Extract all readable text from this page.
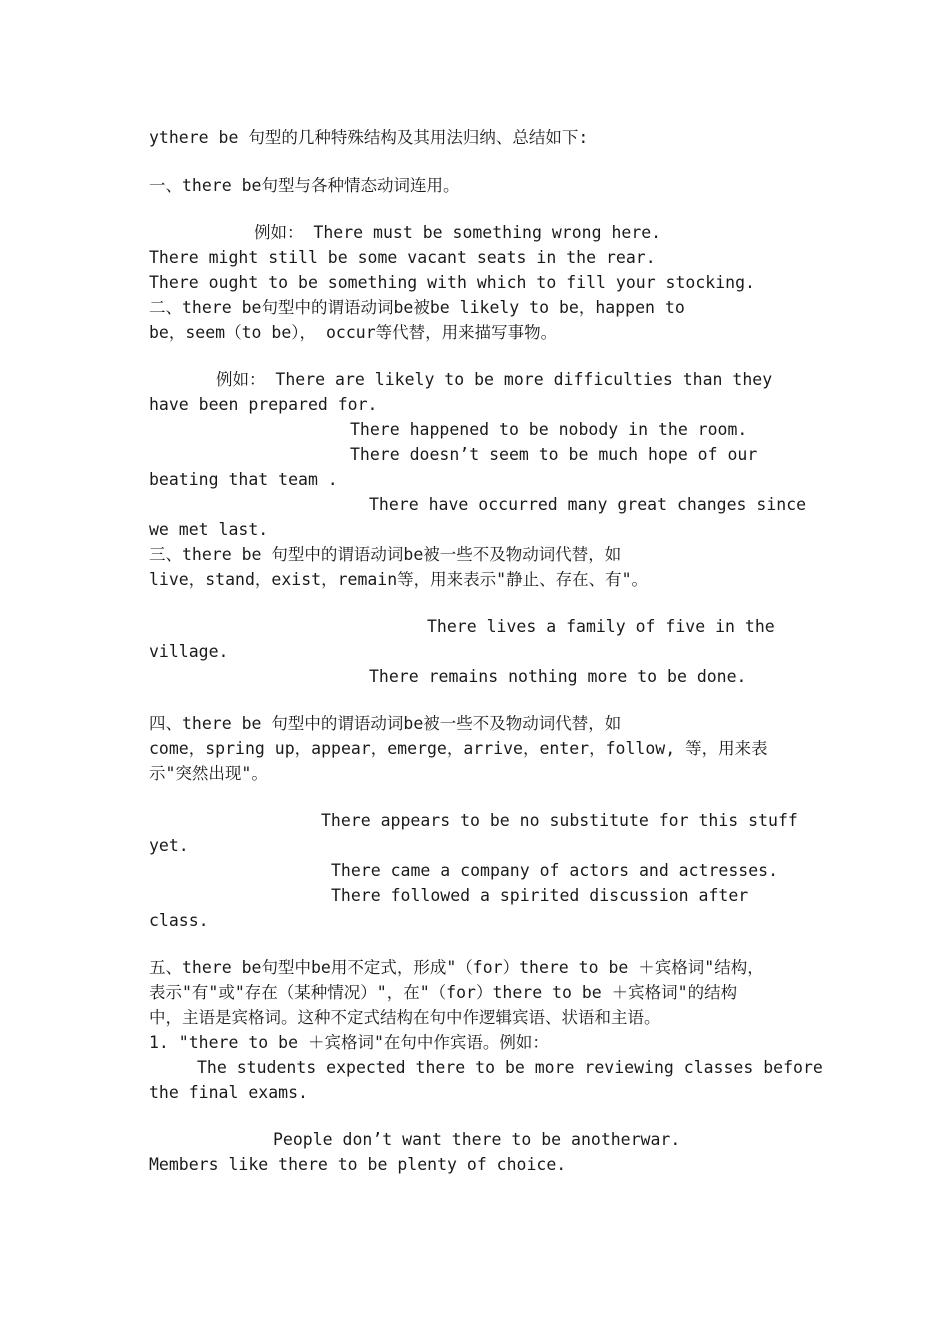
ythere be 句型的几种特殊结构及其用法归纳、总结如下:

一、there be句型与各种情态动词连用。

例如： There must be something wrong here.

There might still be some vacant seats in the rear.

There ought to be something with which to fill your stocking.

二、there be句型中的谓语动词be被be likely to be，happen to

be，seem（to be）， occur等代替，用来描写事物。

例如： There are likely to be more difficulties than they

have been prepared for.

There happened to be nobody in the room.

There doesn’t seem to be much hope of our

beating that team .

There have occurred many great changes since

we met last.

三、there be 句型中的谓语动词be被一些不及物动词代替，如

live，stand，exist，remain等，用来表示"静止、存在、有"。

There lives a family of five in the

village.

There remains nothing more to be done.

四、there be 句型中的谓语动词be被一些不及物动词代替，如

come，spring up，appear，emerge，arrive，enter，follow, 等，用来表

示"突然出现"。

There appears to be no substitute for this stuff

yet.

There came a company of actors and actresses.

There followed a spirited discussion after

class.

五、there be句型中be用不定式，形成"（for）there to be ＋宾格词"结构，

表示"有"或"存在（某种情况）"，在"（for）there to be ＋宾格词"的结构

中，主语是宾格词。这种不定式结构在句中作逻辑宾语、状语和主语。

1. "there to be ＋宾格词"在句中作宾语。例如：

The students expected there to be more reviewing classes before

the final exams.

People don’t want there to be anotherwar.

Members like there to be plenty of choice.
